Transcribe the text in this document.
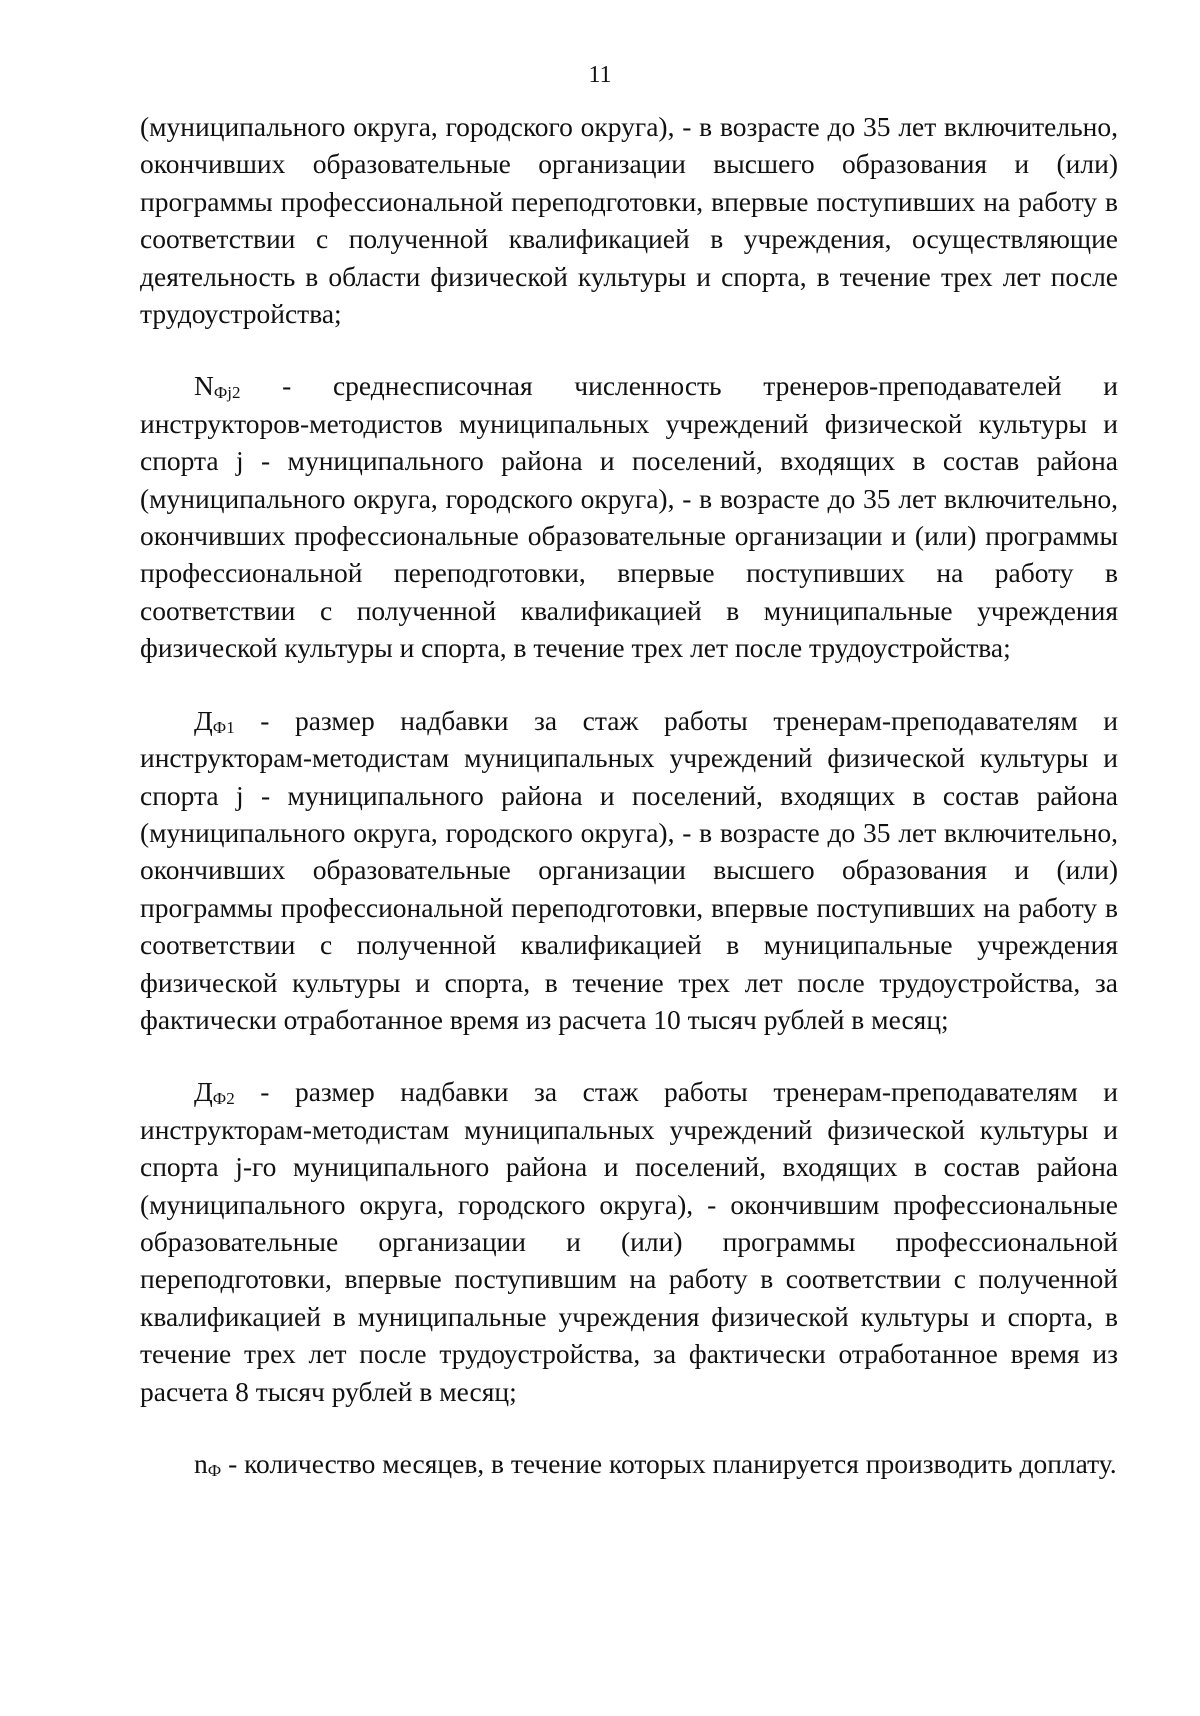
11

(муниципального округа, городского округа), - в возрасте до 35 лет включительно, окончивших образовательные организации высшего образования и (или) программы профессиональной переподготовки, впервые поступивших на работу в соответствии с полученной квалификацией в учреждения, осуществляющие деятельность в области физической культуры и спорта, в течение трех лет после трудоустройства;

NФj2 - среднесписочная численность тренеров-преподавателей и инструкторов-методистов муниципальных учреждений физической культуры и спорта j - муниципального района и поселений, входящих в состав района (муниципального округа, городского округа), - в возрасте до 35 лет включительно, окончивших профессиональные образовательные организации и (или) программы профессиональной переподготовки, впервые поступивших на работу в соответствии с полученной квалификацией в муниципальные учреждения физической культуры и спорта, в течение трех лет после трудоустройства;

ДФ1 - размер надбавки за стаж работы тренерам-преподавателям и инструкторам-методистам муниципальных учреждений физической культуры и спорта j - муниципального района и поселений, входящих в состав района (муниципального округа, городского округа), - в возрасте до 35 лет включительно, окончивших образовательные организации высшего образования и (или) программы профессиональной переподготовки, впервые поступивших на работу в соответствии с полученной квалификацией в муниципальные учреждения физической культуры и спорта, в течение трех лет после трудоустройства, за фактически отработанное время из расчета 10 тысяч рублей в месяц;

ДФ2 - размер надбавки за стаж работы тренерам-преподавателям и инструкторам-методистам муниципальных учреждений физической культуры и спорта j-го муниципального района и поселений, входящих в состав района (муниципального округа, городского округа), - окончившим профессиональные образовательные организации и (или) программы профессиональной переподготовки, впервые поступившим на работу в соответствии с полученной квалификацией в муниципальные учреждения физической культуры и спорта, в течение трех лет после трудоустройства, за фактически отработанное время из расчета 8 тысяч рублей в месяц;

nФ - количество месяцев, в течение которых планируется производить доплату.
